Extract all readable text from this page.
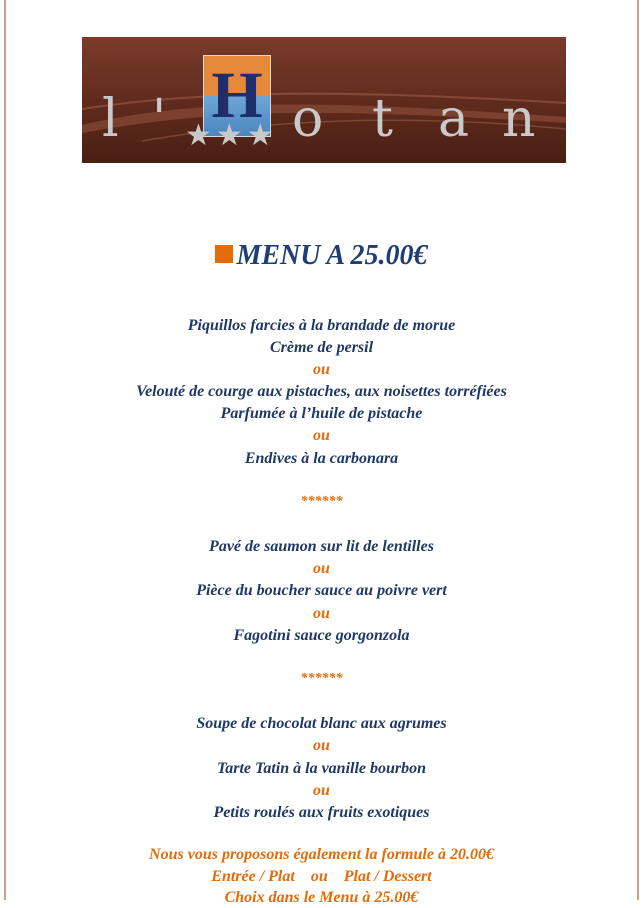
l ' o t a n
H
★★★
MENU A 25.00€
Piquillos farcies à la brandade de morue
Crème de persil
ou
Velouté de courge aux pistaches, aux noisettes torréfiées
Parfumée à l’huile de pistache
ou
Endives à la carbonara
******
Pavé de saumon sur lit de lentilles
ou
Pièce du boucher sauce au poivre vert
ou
Fagotini sauce gorgonzola
******
Soupe de chocolat blanc aux agrumes
ou
Tarte Tatin à la vanille bourbon
ou
Petits roulés aux fruits exotiques
Nous vous proposons également la formule à 20.00€
Entrée / Plat    ou    Plat / Dessert
Choix dans le Menu à 25.00€
